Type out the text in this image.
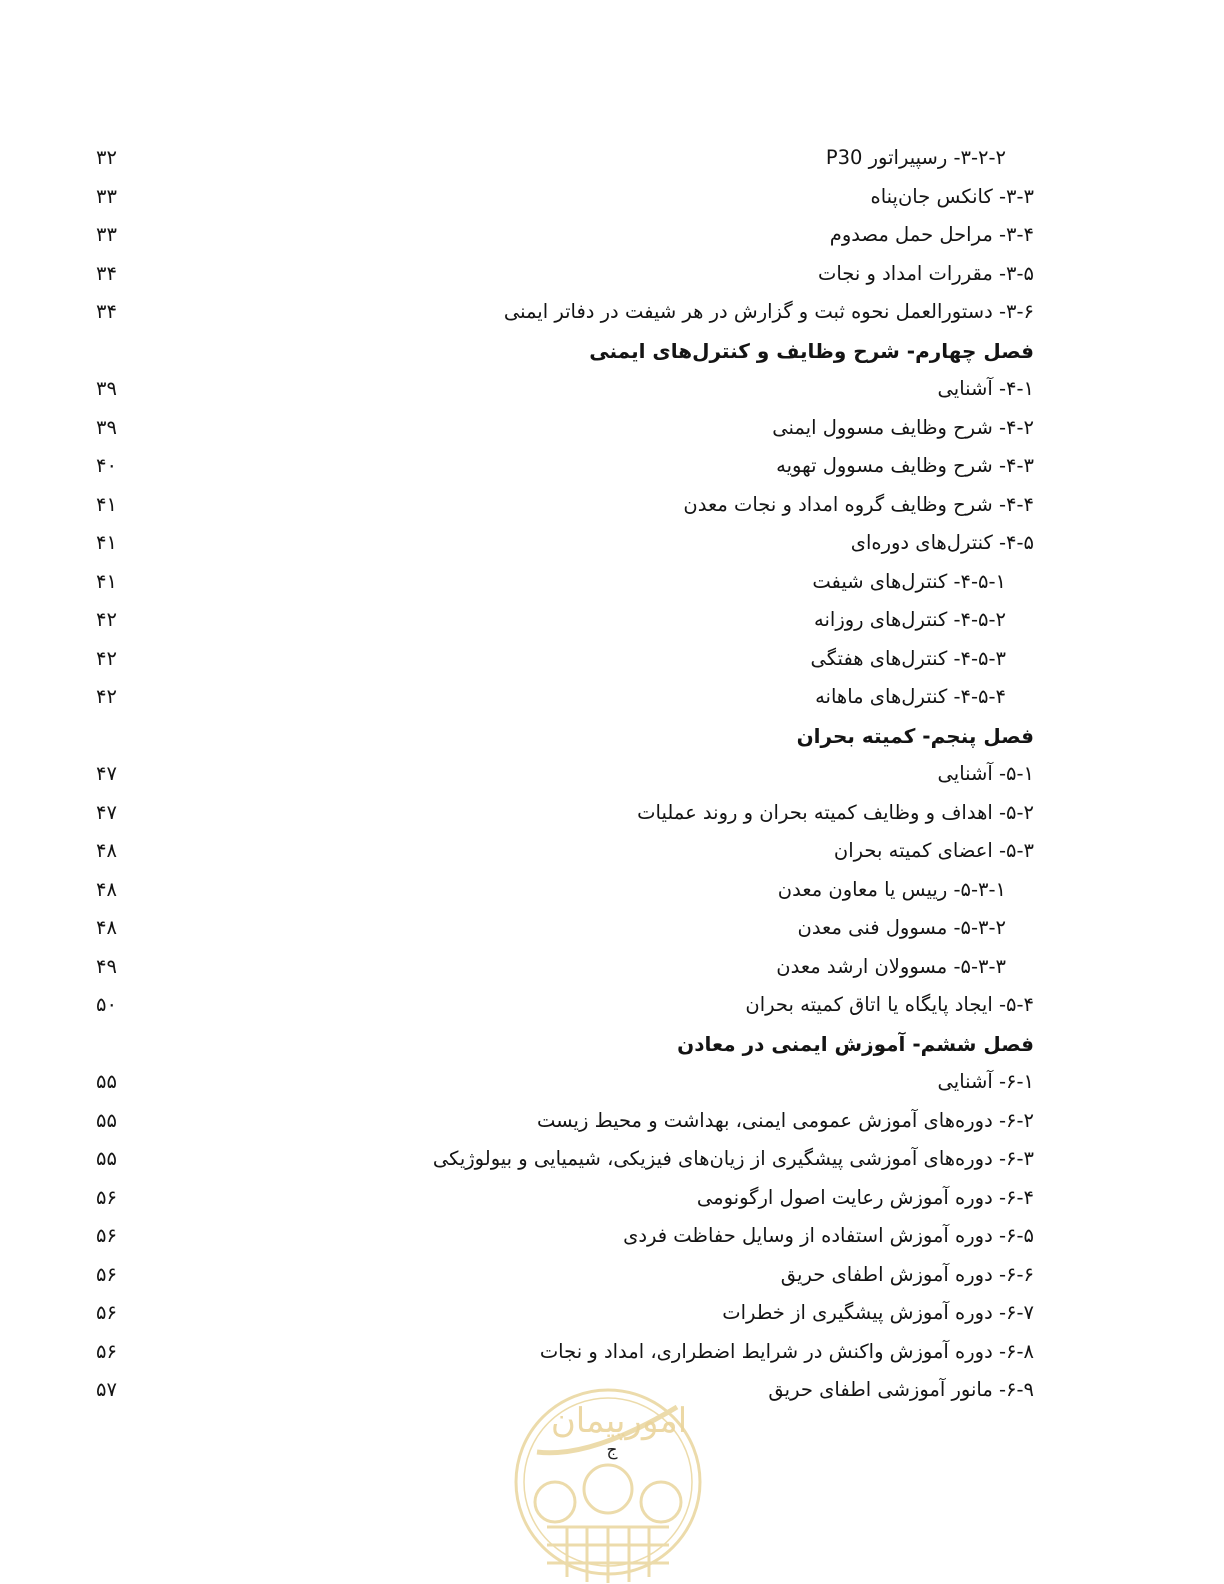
۳-۲-۲- رسپیراتور P30
۳۲
۳-۳- کانکس جان‌پناه
۳۳
۳-۴- مراحل حمل مصدوم
۳۳
۳-۵- مقررات امداد و نجات
۳۴
۳-۶- دستورالعمل نحوه ثبت و گزارش در هر شیفت در دفاتر ایمنی
۳۴
فصل چهارم- شرح وظایف و کنترل‌های ایمنی
۴-۱- آشنایی
۳۹
۴-۲- شرح وظایف مسوول ایمنی
۳۹
۴-۳- شرح وظایف مسوول تهویه
۴۰
۴-۴- شرح وظایف گروه امداد و نجات معدن
۴۱
۴-۵- کنترل‌های دوره‌ای
۴۱
۴-۵-۱- کنترل‌های شیفت
۴۱
۴-۵-۲- کنترل‌های روزانه
۴۲
۴-۵-۳- کنترل‌های هفتگی
۴۲
۴-۵-۴- کنترل‌های ماهانه
۴۲
فصل پنجم- کمیته بحران
۵-۱- آشنایی
۴۷
۵-۲- اهداف و وظایف کمیته بحران و روند عملیات
۴۷
۵-۳- اعضای کمیته بحران
۴۸
۵-۳-۱- رییس یا معاون معدن
۴۸
۵-۳-۲- مسوول فنی معدن
۴۸
۵-۳-۳- مسوولان ارشد معدن
۴۹
۵-۴- ایجاد پایگاه یا اتاق کمیته بحران
۵۰
فصل ششم- آموزش ایمنی در معادن
۶-۱- آشنایی
۵۵
۶-۲- دوره‌های آموزش عمومی ایمنی، بهداشت و محیط زیست
۵۵
۶-۳- دوره‌های آموزشی پیشگیری از زیان‌های فیزیکی، شیمیایی و بیولوژیکی
۵۵
۶-۴- دوره آموزش رعایت اصول ارگونومی
۵۶
۶-۵- دوره آموزش استفاده از وسایل حفاظت فردی
۵۶
۶-۶- دوره آموزش اطفای حریق
۵۶
۶-۷- دوره آموزش پیشگیری از خطرات
۵۶
۶-۸- دوره آموزش واکنش در شرایط اضطراری، امداد و نجات
۵۶
۶-۹- مانور آموزشی اطفای حریق
۵۷
امورپیمان
ج
